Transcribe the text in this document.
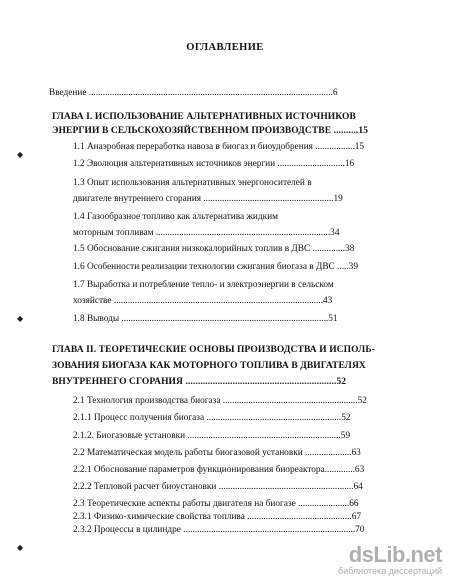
ОГЛАВЛЕНИЕ
Введение .........................................................................................................6
ГЛАВА I. ИСПОЛЬЗОВАНИЕ АЛЬТЕРНАТИВНЫХ ИСТОЧНИКОВ
ЭНЕРГИИ В СЕЛЬСКОХОЗЯЙСТВЕННОМ ПРОИЗВОДСТВЕ ..........15
1.1 Анаэробная переработка навоза в биогаз и биоудобрения .................15
1.2 Эволюция альтернативных источников энергии .............................16
1.3 Опыт использования альтернативных энергоносителей в
двигателе внутреннего сгорания ........................................................19
1.4 Газообразное топливо как альтернатива жидким
моторным топливам ...........................................................................34
1.5 Обоснование сжигания низкокалорийных топлив в ДВС ..............38
1.6 Особенности реализации технологии сжигания биогаза в ДВС .....39
1.7 Выработка и потребление тепло- и электроэнергии в сельском
хозяйстве ..........................................................................................43
1.8 Выводы .........................................................................................51
ГЛАВА II. ТЕОРЕТИЧЕСКИЕ ОСНОВЫ ПРОИЗВОДСТВА И ИСПОЛЬ-
ЗОВАНИЯ БИОГАЗА КАК МОТОРНОГО ТОПЛИВА В ДВИГАТЕЛЯХ
ВНУТРЕННЕГО СГОРАНИЯ .............................................................52
2.1 Технология производства биогаза ..........................................................52
2.1.1 Процесс получения биогаза ..........................................................52
2.1.2. Биогазовые установки ..................................................................59
2.2 Математическая модель работы биогазовой установки ....................63
2.2.1 Обоснование параметров функционирования биореактора.............63
2.2.2 Тепловой расчет биоустановки ..........................................................64
2.3 Теоретические аспекты работы двигателя на биогазе ......................66
2.3.1 Физико-химические свойства топлива .............................................67
2.3.2 Процессы в цилиндре ..........................................................................70
◆
◆
◆	dsLib.net
библиотека диссертаций
